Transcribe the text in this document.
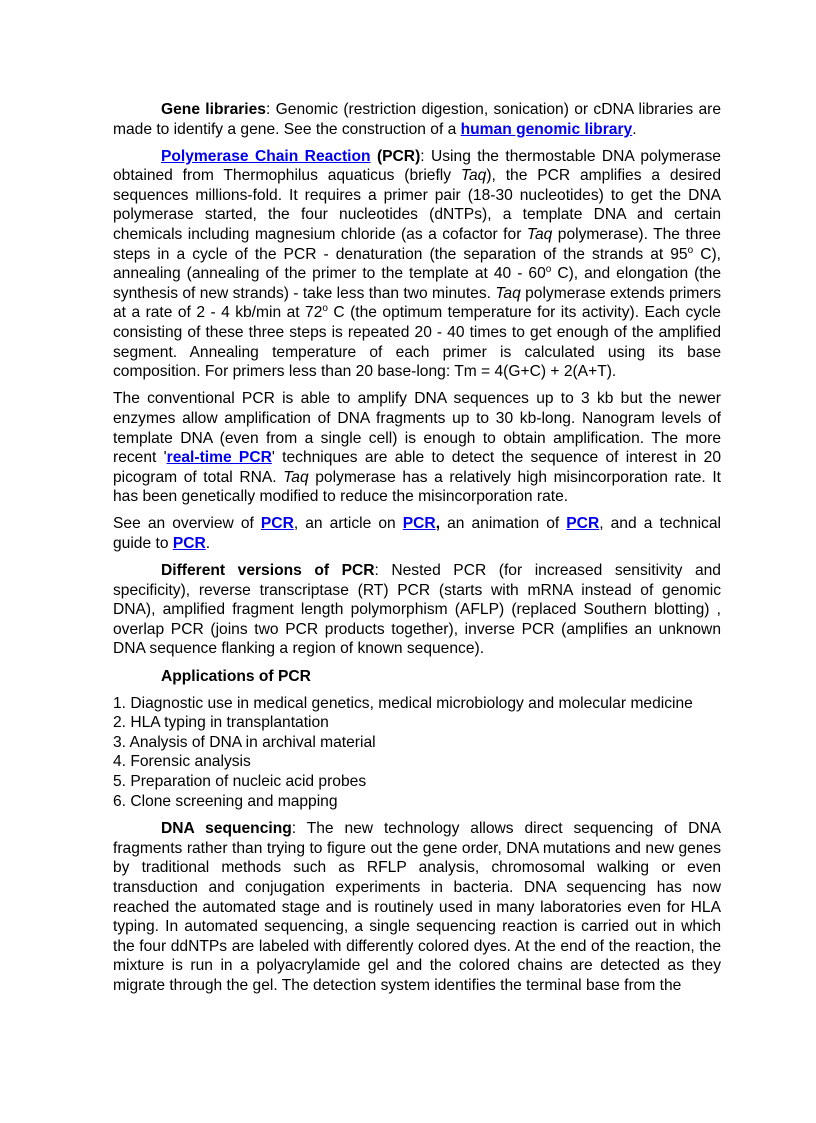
Gene libraries: Genomic (restriction digestion, sonication) or cDNA libraries are made to identify a gene. See the construction of a human genomic library.

Polymerase Chain Reaction (PCR): Using the thermostable DNA polymerase obtained from Thermophilus aquaticus (briefly Taq), the PCR amplifies a desired sequences millions-fold. It requires a primer pair (18-30 nucleotides) to get the DNA polymerase started, the four nucleotides (dNTPs), a template DNA and certain chemicals including magnesium chloride (as a cofactor for Taq polymerase). The three steps in a cycle of the PCR - denaturation (the separation of the strands at 95$^o$ C), annealing (annealing of the primer to the template at 40 - 60$^o$ C), and elongation (the synthesis of new strands) - take less than two minutes. Taq polymerase extends primers at a rate of 2 - 4 kb/min at 72$^o$ C (the optimum temperature for its activity). Each cycle consisting of these three steps is repeated 20 - 40 times to get enough of the amplified segment. Annealing temperature of each primer is calculated using its base composition. For primers less than 20 base-long: Tm = 4(G+C) + 2(A+T).

The conventional PCR is able to amplify DNA sequences up to 3 kb but the newer enzymes allow amplification of DNA fragments up to 30 kb-long. Nanogram levels of template DNA (even from a single cell) is enough to obtain amplification. The more recent 'real-time PCR' techniques are able to detect the sequence of interest in 20 picogram of total RNA. Taq polymerase has a relatively high misincorporation rate. It has been genetically modified to reduce the misincorporation rate.

See an overview of PCR, an article on PCR, an animation of PCR, and a technical guide to PCR.

Different versions of PCR: Nested PCR (for increased sensitivity and specificity), reverse transcriptase (RT) PCR (starts with mRNA instead of genomic DNA), amplified fragment length polymorphism (AFLP) (replaced Southern blotting) , overlap PCR (joins two PCR products together), inverse PCR (amplifies an unknown DNA sequence flanking a region of known sequence).

Applications of PCR
1. Diagnostic use in medical genetics, medical microbiology and molecular medicine
2. HLA typing in transplantation
3. Analysis of DNA in archival material
4. Forensic analysis
5. Preparation of nucleic acid probes
6. Clone screening and mapping

DNA sequencing: The new technology allows direct sequencing of DNA fragments rather than trying to figure out the gene order, DNA mutations and new genes by traditional methods such as RFLP analysis, chromosomal walking or even transduction and conjugation experiments in bacteria. DNA sequencing has now reached the automated stage and is routinely used in many laboratories even for HLA typing. In automated sequencing, a single sequencing reaction is carried out in which the four ddNTPs are labeled with differently colored dyes. At the end of the reaction, the mixture is run in a polyacrylamide gel and the colored chains are detected as they migrate through the gel. The detection system identifies the terminal base from the
